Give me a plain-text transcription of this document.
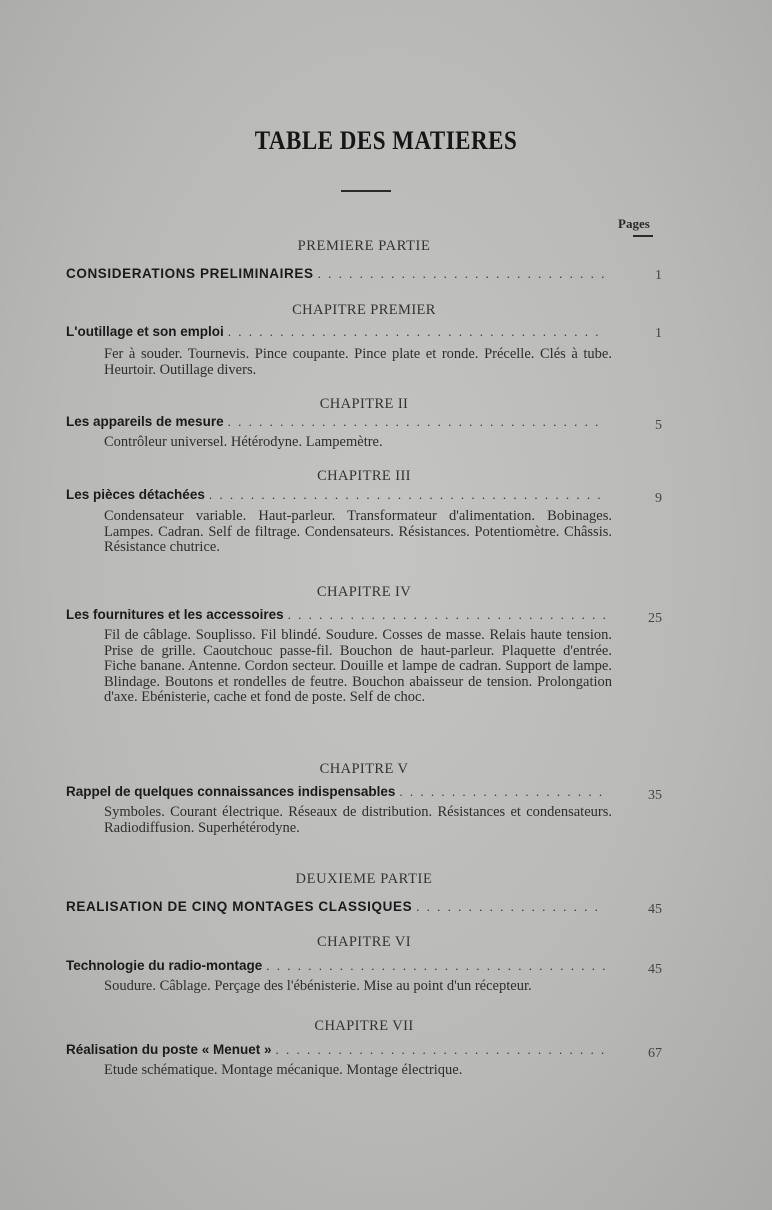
TABLE DES MATIERES
Pages
PREMIERE PARTIE
CONSIDERATIONS PRELIMINAIRES . . .	1
CHAPITRE PREMIER
L'outillage et son emploi . . .	1
Fer à souder. Tournevis. Pince coupante. Pince plate et ronde. Précelle. Clés à tube. Heurtoir. Outillage divers.
CHAPITRE II
Les appareils de mesure . . .	5
Contrôleur universel. Hétérodyne. Lampemètre.
CHAPITRE III
Les pièces détachées . . .	9
Condensateur variable. Haut-parleur. Transformateur d'alimentation. Bobinages. Lampes. Cadran. Self de filtrage. Condensateurs. Résistances. Potentiomètre. Châssis. Résistance chutrice.
CHAPITRE IV
Les fournitures et les accessoires . . .	25
Fil de câblage. Souplisso. Fil blindé. Soudure. Cosses de masse. Relais haute tension. Prise de grille. Caoutchouc passe-fil. Bouchon de haut-parleur. Plaquette d'entrée. Fiche banane. Antenne. Cordon secteur. Douille et lampe de cadran. Support de lampe. Blindage. Boutons et rondelles de feutre. Bouchon abaisseur de tension. Prolongation d'axe. Ebénisterie, cache et fond de poste. Self de choc.
CHAPITRE V
Rappel de quelques connaissances indispensables . . .	35
Symboles. Courant électrique. Réseaux de distribution. Résistances et condensateurs. Radiodiffusion. Superhétérodyne.
DEUXIEME PARTIE
REALISATION DE CINQ MONTAGES CLASSIQUES . . .	45
CHAPITRE VI
Technologie du radio-montage . . .	45
Soudure. Câblage. Perçage des l'ébénisterie. Mise au point d'un récepteur.
CHAPITRE VII
Réalisation du poste « Menuet » . . .	67
Etude schématique. Montage mécanique. Montage électrique.
